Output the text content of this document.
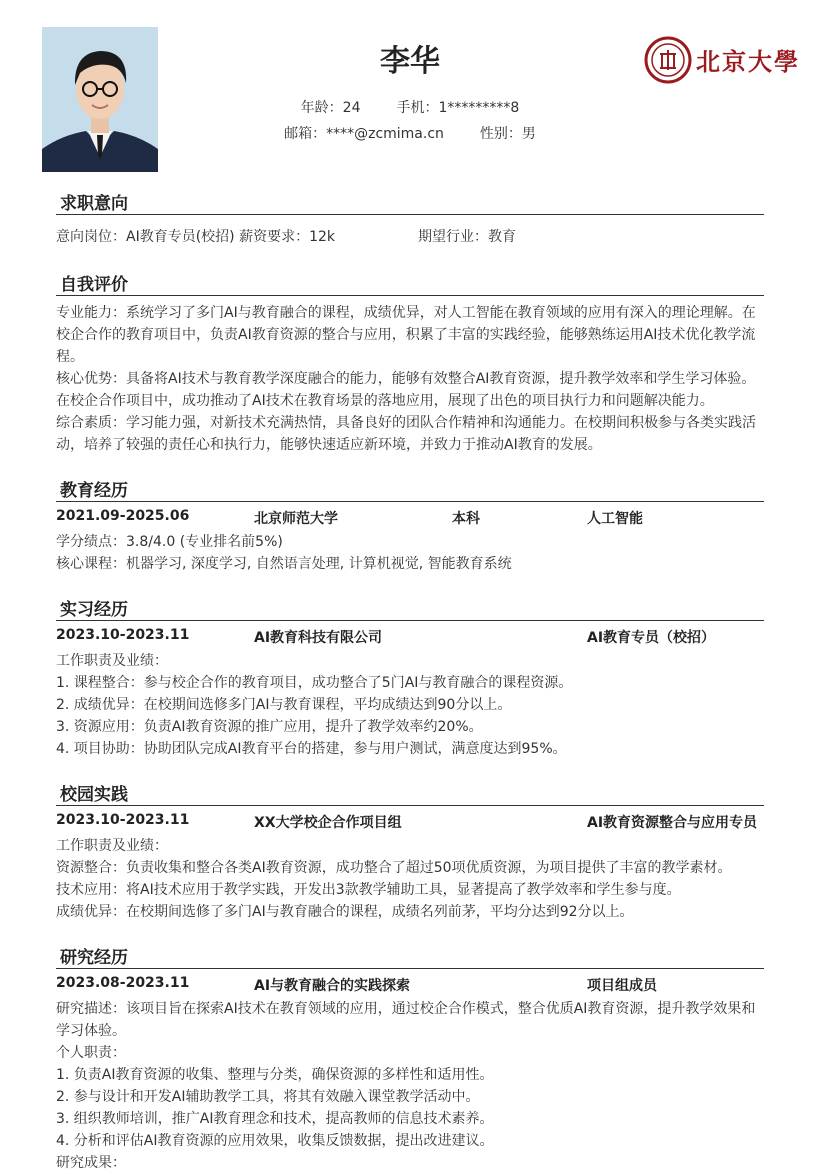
李华
年龄：24	手机：1*********8
邮箱：****@zcmima.cn	性别：男
北京大學
求职意向
意向岗位：AI教育专员(校招) 薪资要求：12k	期望行业：教育
自我评价
专业能力：系统学习了多门AI与教育融合的课程，成绩优异，对人工智能在教育领域的应用有深入的理论理解。在校企合作的教育项目中，负责AI教育资源的整合与应用，积累了丰富的实践经验，能够熟练运用AI技术优化教学流程。
核心优势：具备将AI技术与教育教学深度融合的能力，能够有效整合AI教育资源，提升教学效率和学生学习体验。在校企合作项目中，成功推动了AI技术在教育场景的落地应用，展现了出色的项目执行力和问题解决能力。
综合素质：学习能力强，对新技术充满热情，具备良好的团队合作精神和沟通能力。在校期间积极参与各类实践活动，培养了较强的责任心和执行力，能够快速适应新环境，并致力于推动AI教育的发展。
教育经历
2021.09-2025.06	北京师范大学	本科	人工智能
学分绩点：3.8/4.0 (专业排名前5%)
核心课程：机器学习, 深度学习, 自然语言处理, 计算机视觉, 智能教育系统
实习经历
2023.10-2023.11	AI教育科技有限公司	AI教育专员（校招）
工作职责及业绩：
1. 课程整合：参与校企合作的教育项目，成功整合了5门AI与教育融合的课程资源。
2. 成绩优异：在校期间选修多门AI与教育课程，平均成绩达到90分以上。
3. 资源应用：负责AI教育资源的推广应用，提升了教学效率约20%。
4. 项目协助：协助团队完成AI教育平台的搭建，参与用户测试，满意度达到95%。
校园实践
2023.10-2023.11	XX大学校企合作项目组	AI教育资源整合与应用专员
工作职责及业绩：
资源整合：负责收集和整合各类AI教育资源，成功整合了超过50项优质资源，为项目提供了丰富的教学素材。
技术应用：将AI技术应用于教学实践，开发出3款教学辅助工具，显著提高了教学效率和学生参与度。
成绩优异：在校期间选修了多门AI与教育融合的课程，成绩名列前茅，平均分达到92分以上。
研究经历
2023.08-2023.11	AI与教育融合的实践探索	项目组成员
研究描述：该项目旨在探索AI技术在教育领域的应用，通过校企合作模式，整合优质AI教育资源，提升教学效果和学习体验。
个人职责：
1. 负责AI教育资源的收集、整理与分类，确保资源的多样性和适用性。
2. 参与设计和开发AI辅助教学工具，将其有效融入课堂教学活动中。
3. 组织教师培训，推广AI教育理念和技术，提高教师的信息技术素养。
4. 分析和评估AI教育资源的应用效果，收集反馈数据，提出改进建议。
研究成果：
